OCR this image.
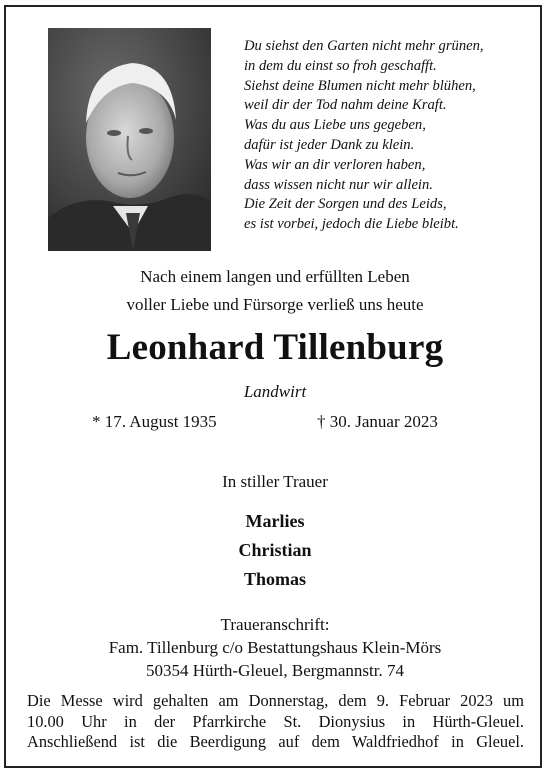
Du siehst den Garten nicht mehr grünen,
in dem du einst so froh geschafft.
Siehst deine Blumen nicht mehr blühen,
weil dir der Tod nahm deine Kraft.
Was du aus Liebe uns gegeben,
dafür ist jeder Dank zu klein.
Was wir an dir verloren haben,
dass wissen nicht nur wir allein.
Die Zeit der Sorgen und des Leids,
es ist vorbei, jedoch die Liebe bleibt.
Nach einem langen und erfüllten Leben
voller Liebe und Fürsorge verließ uns heute
Leonhard Tillenburg
Landwirt
* 17. August 1935	† 30. Januar 2023
In stiller Trauer
Marlies
Christian
Thomas
Traueranschrift:
Fam. Tillenburg c/o Bestattungshaus Klein-Mörs
50354 Hürth-Gleuel, Bergmannstr. 74
Die Messe wird gehalten am Donnerstag, dem 9. Februar 2023 um
10.00 Uhr in der Pfarrkirche St. Dionysius in Hürth-Gleuel.
Anschließend ist die Beerdigung auf dem Waldfriedhof in Gleuel.
